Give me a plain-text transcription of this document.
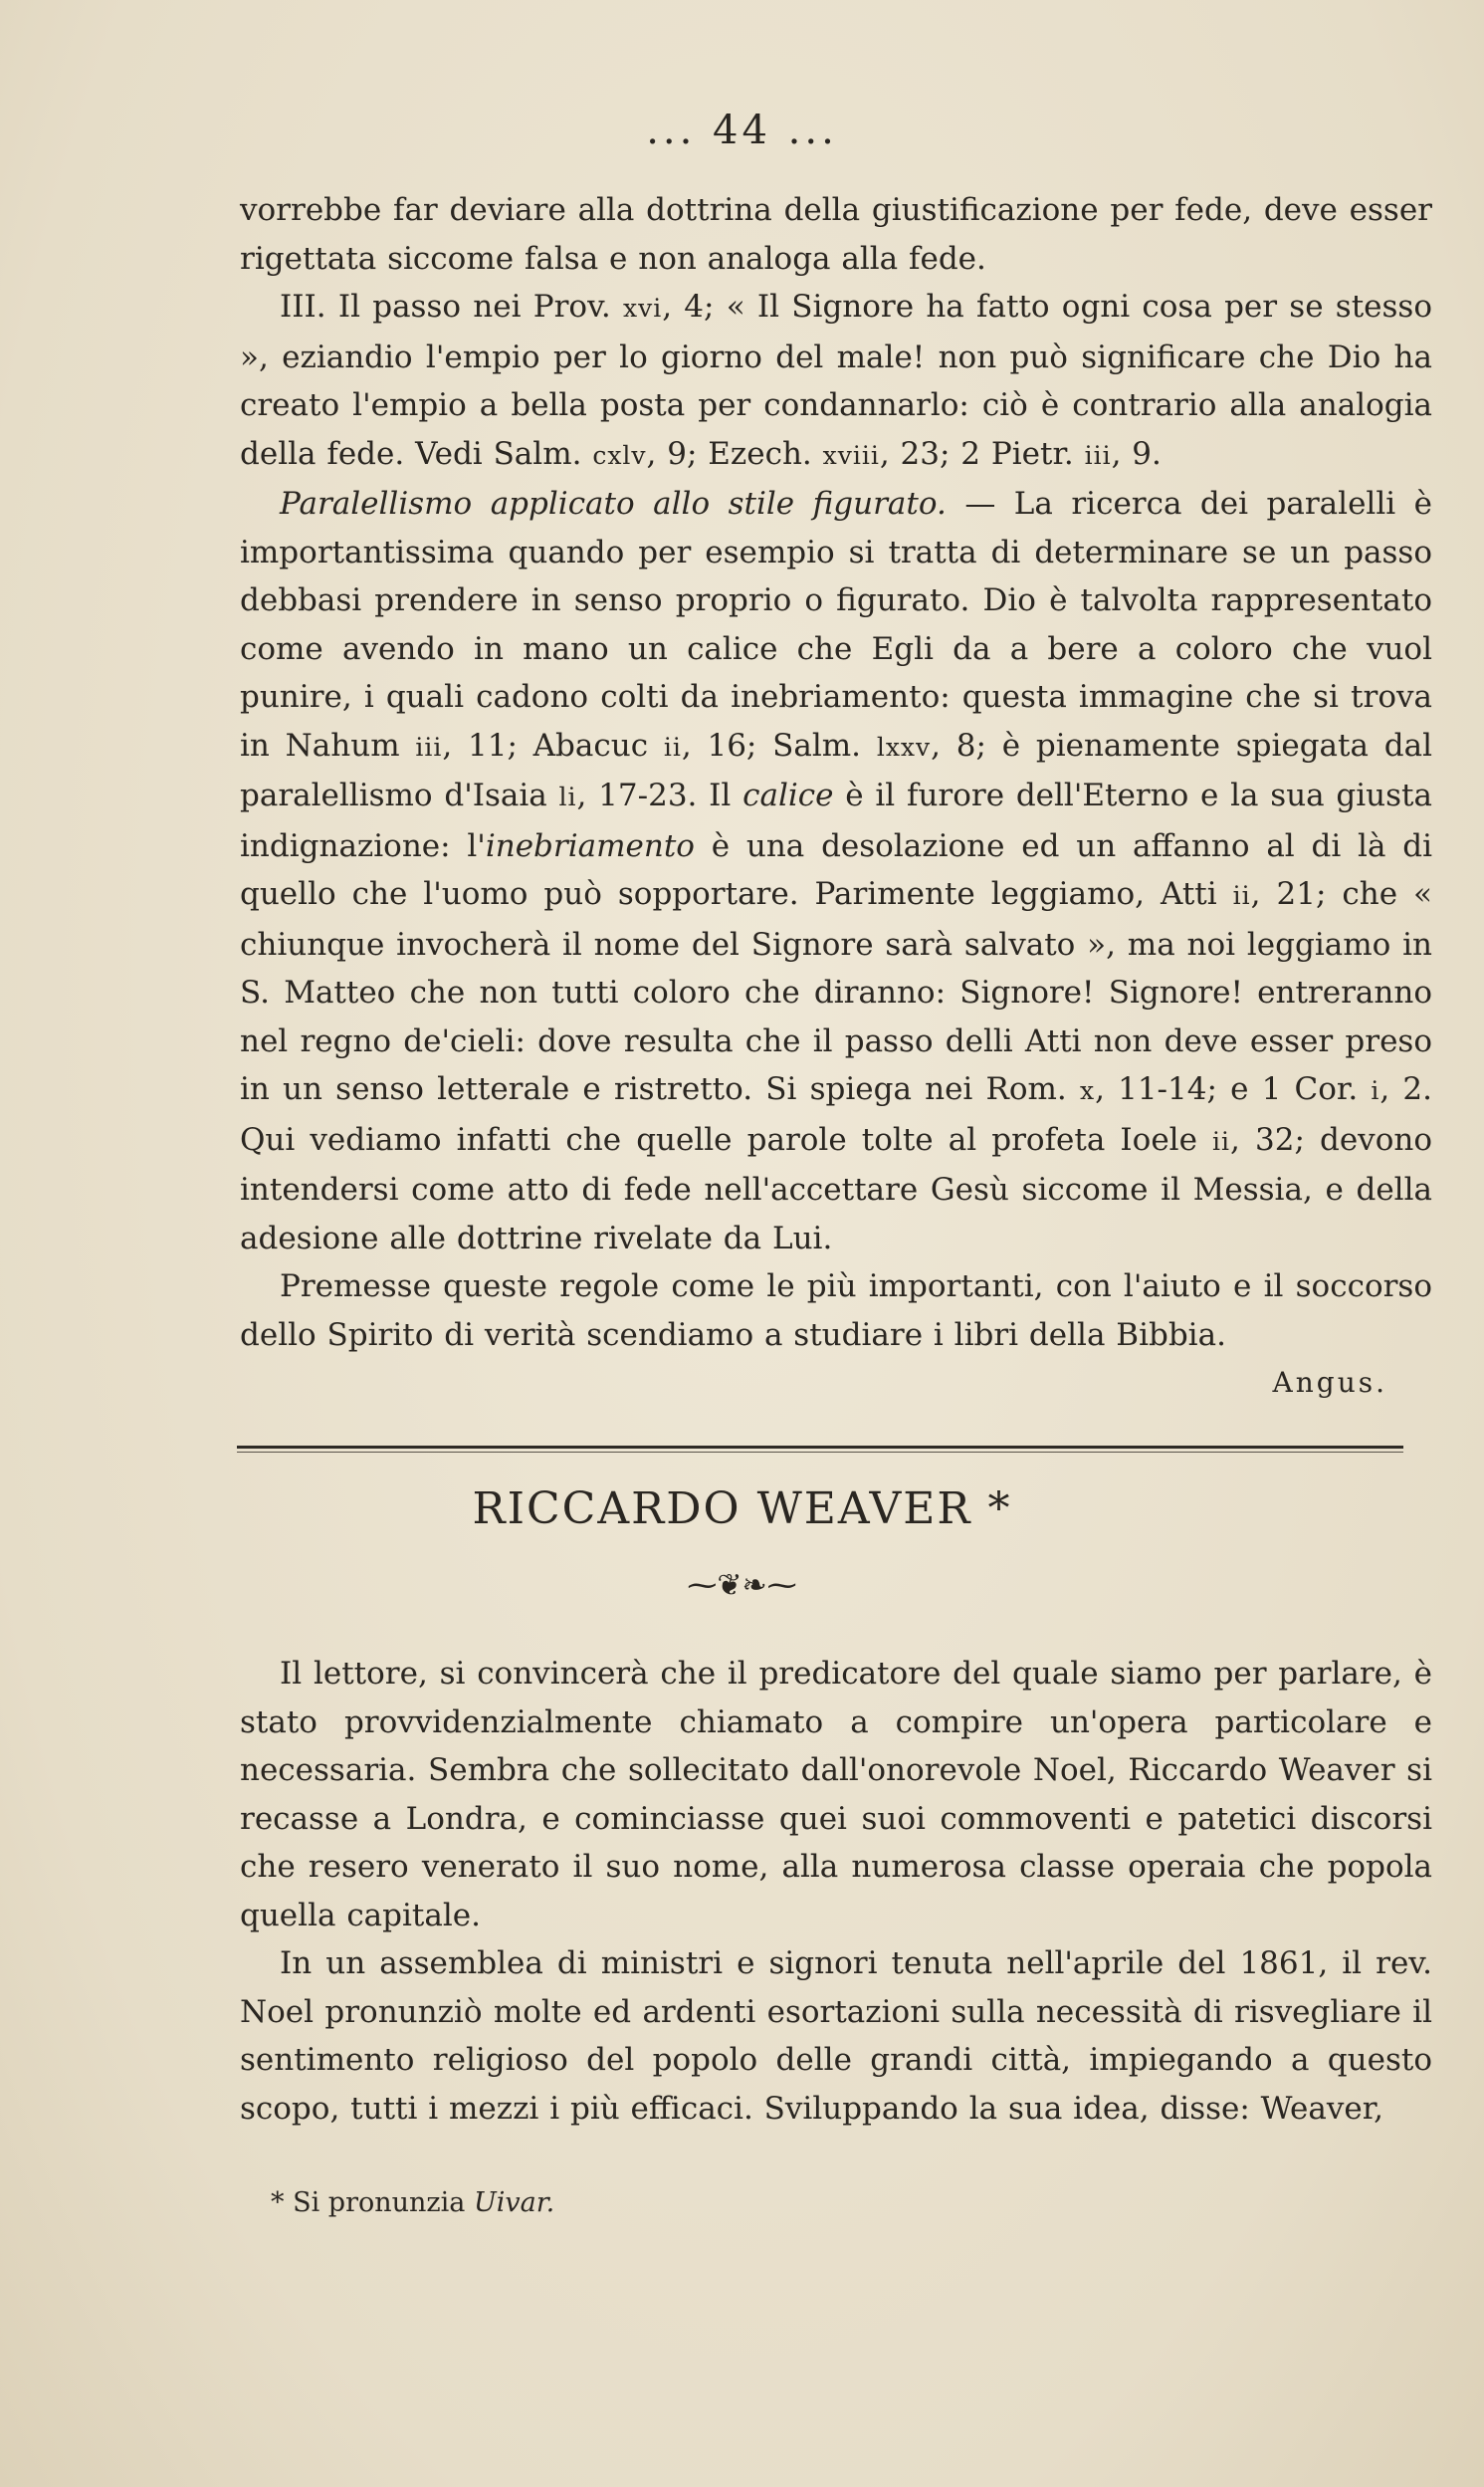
... 44 ...

vorrebbe far deviare alla dottrina della giustificazione per fede, deve esser rigettata siccome falsa e non analoga alla fede.

III. Il passo nei Prov. xvi, 4; « Il Signore ha fatto ogni cosa per se stesso », eziandio l'empio per lo giorno del male! non può significare che Dio ha creato l'empio a bella posta per condannarlo: ciò è contrario alla analogia della fede. Vedi Salm. cxlv, 9; Ezech. xviii, 23; 2 Pietr. iii, 9.

Paralellismo applicato allo stile figurato. — La ricerca dei paralelli è importantissima quando per esempio si tratta di determinare se un passo debbasi prendere in senso proprio o figurato. Dio è talvolta rappresentato come avendo in mano un calice che Egli da a bere a coloro che vuol punire, i quali cadono colti da inebriamento: questa immagine che si trova in Nahum iii, 11; Abacuc ii, 16; Salm. lxxv, 8; è pienamente spiegata dal paralellismo d'Isaia li, 17-23. Il calice è il furore dell'Eterno e la sua giusta indignazione: l'inebriamento è una desolazione ed un affanno al di là di quello che l'uomo può sopportare. Parimente leggiamo, Atti ii, 21; che « chiunque invocherà il nome del Signore sarà salvato », ma noi leggiamo in S. Matteo che non tutti coloro che diranno: Signore! Signore! entreranno nel regno de'cieli: dove resulta che il passo delli Atti non deve esser preso in un senso letterale e ristretto. Si spiega nei Rom. x, 11-14; e 1 Cor. i, 2. Qui vediamo infatti che quelle parole tolte al profeta Ioele ii, 32; devono intendersi come atto di fede nell'accettare Gesù siccome il Messia, e della adesione alle dottrine rivelate da Lui.

Premesse queste regole come le più importanti, con l'aiuto e il soccorso dello Spirito di verità scendiamo a studiare i libri della Bibbia.

Angus.
RICCARDO WEAVER *
⁓❦❧⁓

Il lettore, si convincerà che il predicatore del quale siamo per parlare, è stato provvidenzialmente chiamato a compire un'opera particolare e necessaria. Sembra che sollecitato dall'onorevole Noel, Riccardo Weaver si recasse a Londra, e cominciasse quei suoi commoventi e patetici discorsi che resero venerato il suo nome, alla numerosa classe operaia che popola quella capitale.

In un assemblea di ministri e signori tenuta nell'aprile del 1861, il rev. Noel pronunziò molte ed ardenti esortazioni sulla necessità di risvegliare il sentimento religioso del popolo delle grandi città, impiegando a questo scopo, tutti i mezzi i più efficaci. Sviluppando la sua idea, disse: Weaver,

* Si pronunzia Uivar.
